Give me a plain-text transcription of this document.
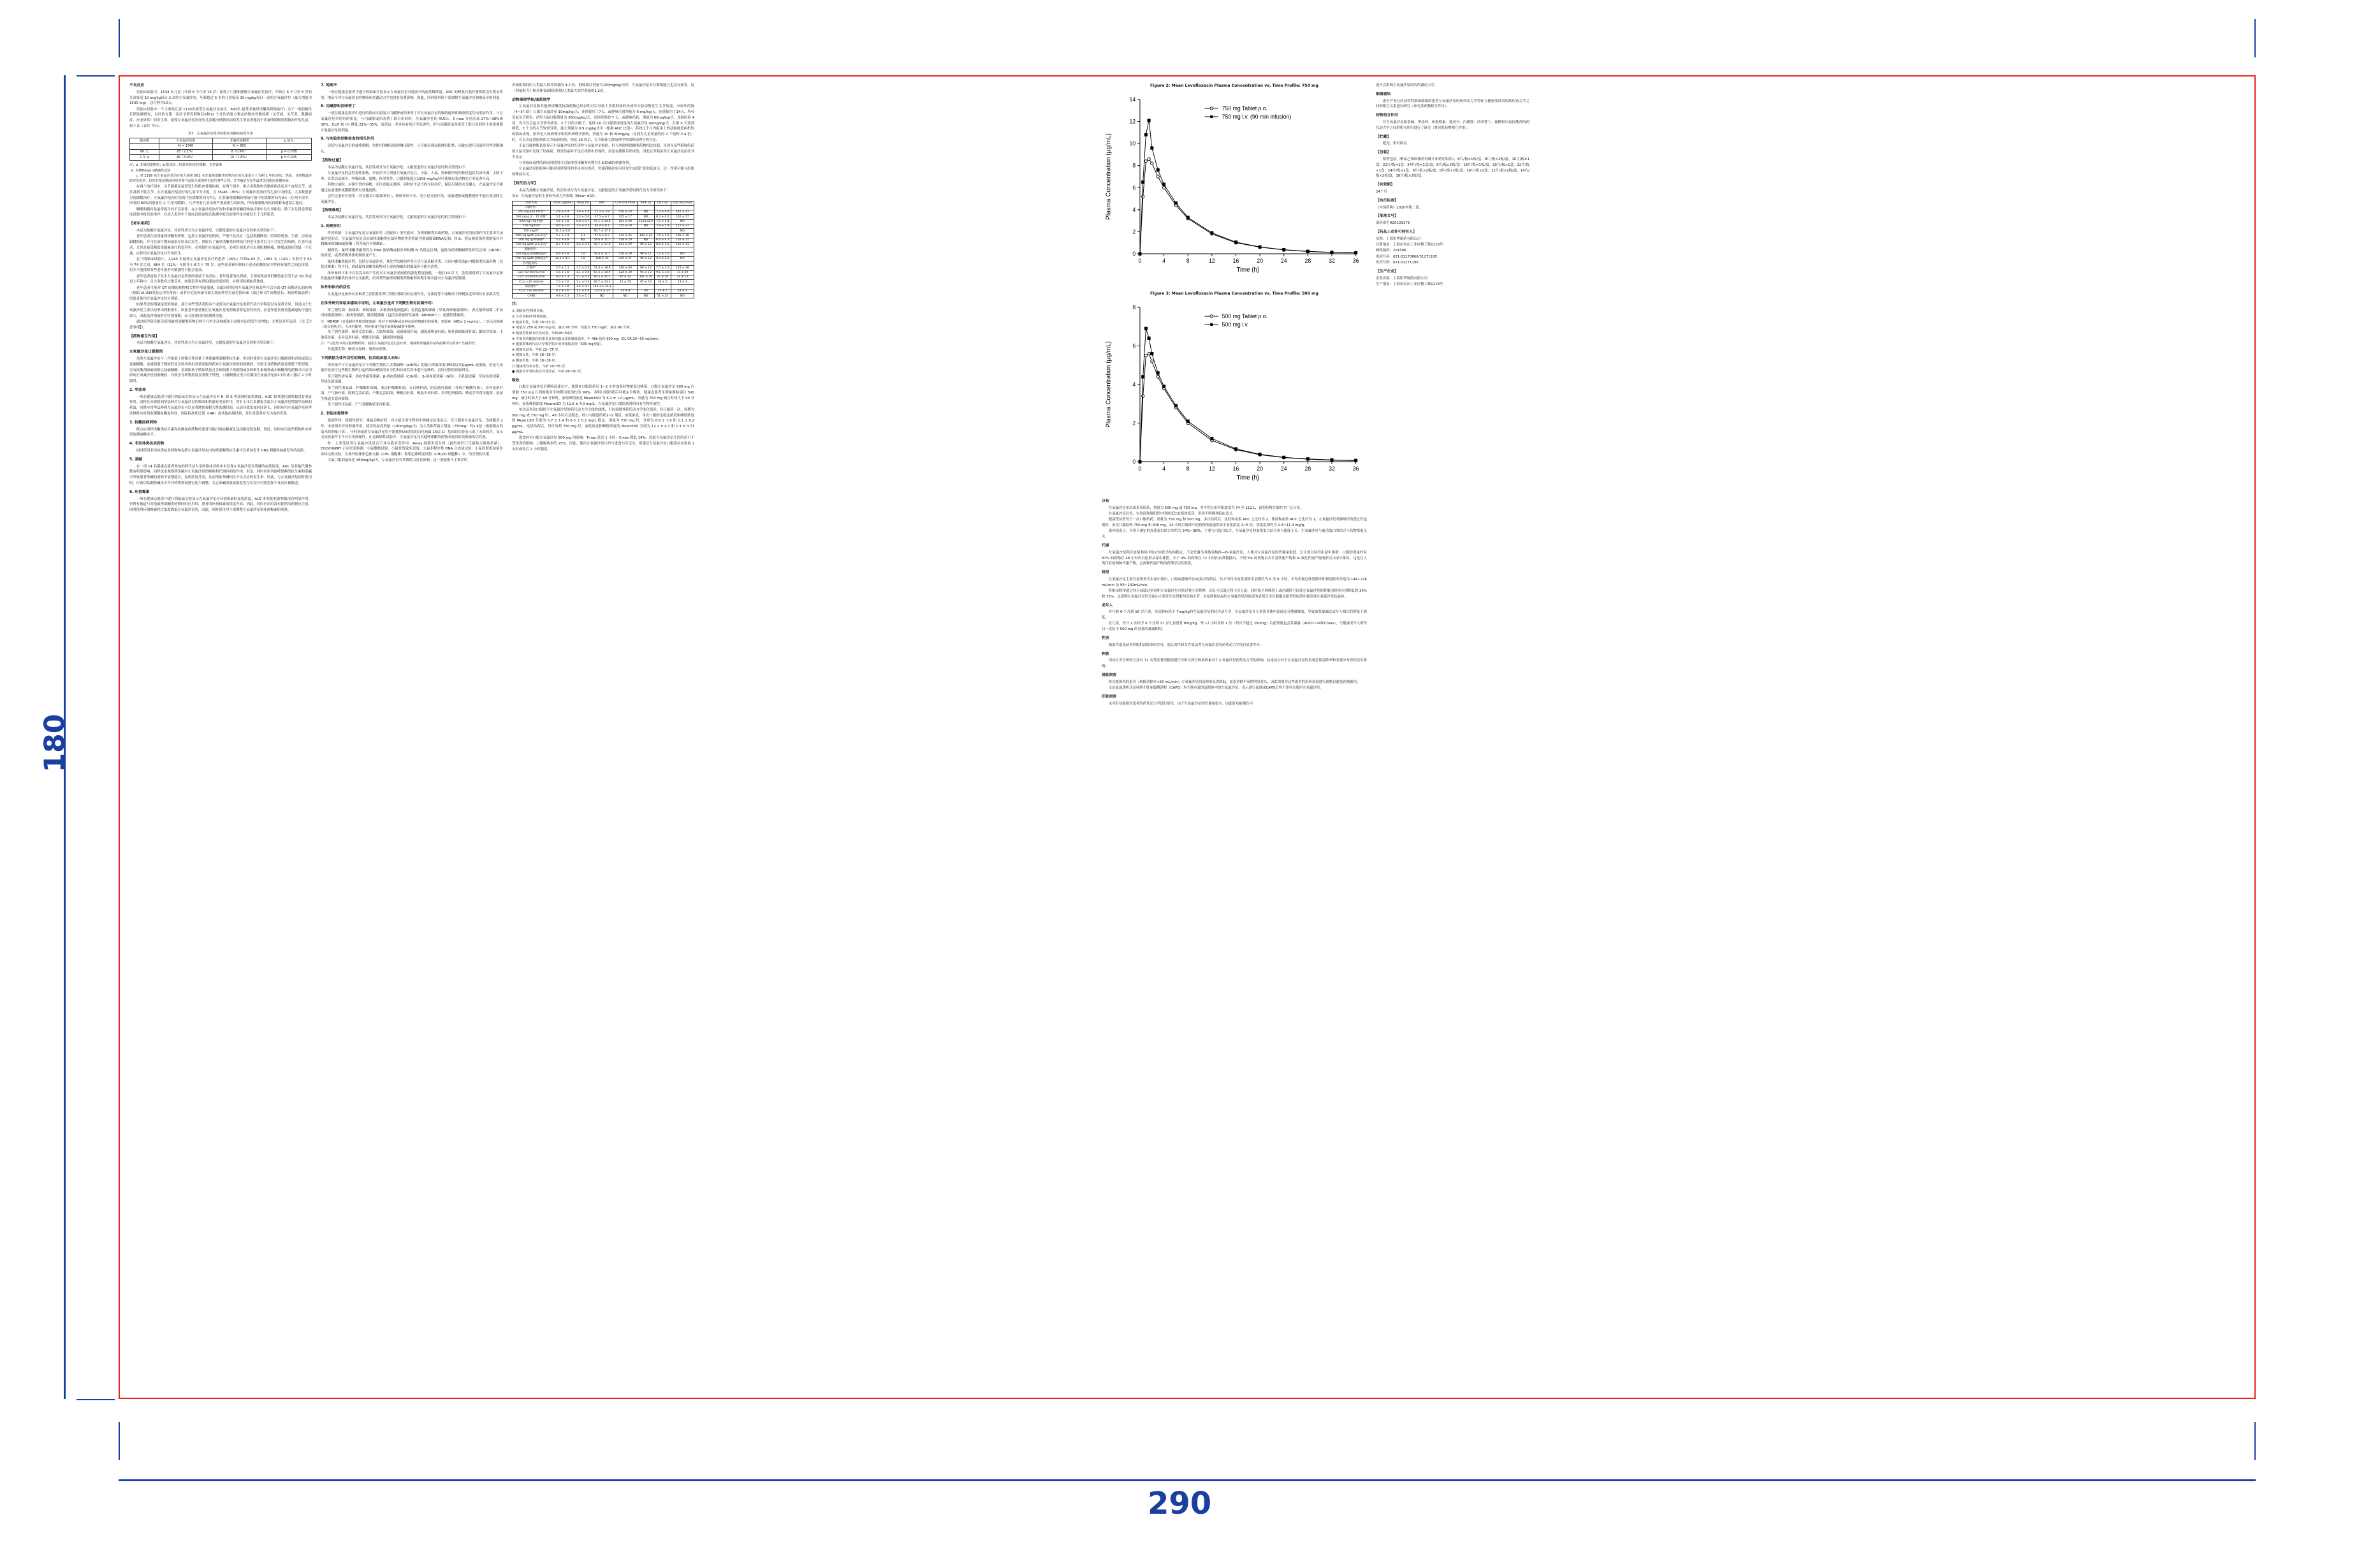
180
290
不良反应

在临床试验中，1534 名儿童（年龄 6 个月至 16 岁）接受了口服和静脉左氧氟沙星治疗，年龄在 6 个月至 5 岁的儿童接受 10 mg/kg每日 2 次的左氧氟沙星，年龄超过 5 岁的儿童接受 10 mg/kg每日一次的左氧氟沙星（最大剂量为1500 mg），总疗程为10天。

肖临床试验中一个主要的儿童 1130名接受左氧氟沙星治疗，893名 接受非氟喹诺酮类药物治疗）为了一项前瞻性长期监测研究，以评估在第一次给予研究药物后6和12 个月的试验方案定的肌肉骨骼疾病（关节痛、关节炎、肌腱病症、步态异常）的发生率。接受左氧氟沙星治疗的儿童肌肉骨骼疾病的发生率显著地高于非氟喹诺酮类药物治疗的儿童，如下表（表7）所示。

表7：左氧氟沙星组中的肌肉骨骼疾病发生率
随访期	左氧氟沙星组	非氟喹诺酮类	p 值 b
	N = 1340	N = 893	
60 天	28（2.1%）	8（0.9%）	p = 0.038
1 年 a	46（3.4%）	16（1.8%）	p = 0.025

注：a. 非累积逐期第；b.指非经、阿莫西林/克拉维酸、克拉霉素

b. 双侧Fisher's精确性试验

c. 对 1199 名左氧氟沙星治疗的儿童和 801 名非氟喹诺酮类药物治疗的儿童进行了为期 1 年的评估。然而，该药物最终研究发现率，回归在指定期间内所有参与试验儿童的所有报告事件计算。关节痛是在发生最常见的肌肉骨骼疾病。

在两个治疗组中，关节痛都是最常发生的肌肉骨骼疾病。在两个组中，绝大多数肌肉骨骼疾病涉及多个或是关节，或涉及到下肢关节。在左氧氟沙星治疗的儿童中为中度，在 35/46（76%）左氧氟沙星治疗的儿童中为轻度，大多数患者呈现缓解治疗。左氧氟沙星治疗组的中位缓解时间为7天，在非氟喹诺酮药物治疗组中位缓解时间为9天（在两个组中，四者的 80%的患者在 2 个月内缓解）。几乎所有儿童出现严重或重大的疾病，所有骨骼肌肉疾病缓解未遗留后遗症。

咽喉和腹泻是最常报告的不良事件。在左氧氟沙星治疗的和非氟喹诺酮药物治疗组中发生率相似。除了在儿科患者临床试验中报告的事件，在成人患者中于临床试验或售后监测中报告的事件也可能发生于儿科患者。

【老年用药】

本品为盐酸左氧氟沙星，其活性成分为左氧氟沙星，文献报道的左氧氟沙星的相关情况如下：

老年患者在接受氟喹诺酮类药物，包括左氧氟沙星期间，严重不良反应（包括肌腱断裂）的风险增加。手臂、肩部或跟腱损伤，并可在治疗期间或治疗结束后发生。曾报告了氟喹诺酮类药物治疗的老年患者后几个月发生的病例。在老年患者，尤其是接受糖皮质激素治疗的患者中，必须慎用左氧氟沙星。必须告知患者在出现肌腱疼痛、肿胀或炎症的第一个征兆，应停用左氧氟沙星并告知医生。

在三期临床试验中，1,945 名接受左氧氟沙星治疗的患者（26%）年龄≥ 65 岁，1081 名（14%）年龄介于 65 至 74 岁之间，864 名（12%）年龄等于或大于 75 岁。这些患者和年龄较小患者药物的安全性和有效性之间总体的，但并不能排除某些老年患者对敏感性可能会更高。

老年患者更易于发生左氧氟沙星所致的重症不良反应，老年患者的抗肾病、主要的致血性肝酶性报告发生在 65 岁或更大年龄中，且大多数有过敏反应。如果患者有肾功能的重度损伤，应密切监测血药浓度。

老年患者可能对 QT 间期的药物相关性作用更敏感，因此同时使用左氧氟沙星和某些可以导致 QT 间期延长的药物（例如 IA 或III类抗心律失常药）或者有危险因素导致尖端扭转型室速危险因素（如已知 QT 间期延长、病因性低血钾）的患者使用左氧氟沙星时应谨慎。

如果考虑的剂量接近的剂量。部分有些受试者的多个或因为左氧氟沙星的药代动力学特征没有显著差异，但是由于左氧氟沙星主要以原形由肾脏排出，因此老年患者使用左氧氟沙星的药物消除危险性较高，应老年患者肾功能减退的可能性较大，因此选择剂量时应特别谨慎，而且需要同时监测肾功能。

通过病学研究报告使用氟喹诺酮类药物后两个月内主动脉瘤和主动脉夹层的发生率增加，尤其是老年患者。（见【注意事项】）。

【药物相互作用】

本品为盐酸左氧氟沙星，其活性成分为左氧氟沙星，文献报道的左氧氟沙星的相关情况如下。

左氧氟沙星口服制剂

虽然左氧氟沙星与（含和离子的微合作剂量子其他氟喹诺酮类抗生素，但同时使用左氧氟沙星口服制剂和含镁或铝以及硫糖酸、金属阳离子例如铁及含的多价抗剂者同服用药对左氧氟沙星的的肠吸收，导致全身药物浓度显著低于期望值。含有抗酸剂如硫或铝以及硫糖酸、金属阳离子例如铁及含多价阳离子的制剂或多种维生素制剂或去枸橼剂的药物可以应用影响左氧氟沙星的肠吸收，导致全身药物浓度显著低于期望。口服制剂应至少在服用左氧氟沙星前2小时或口服后 2 小时服用。

2. 华法林

一项在健康志愿者中进行的临床实验显示左氧氟沙星对 R- 和 S-华法林的血浆浓度、AUC 和其他代谢参数没有明显作用。同样在未观察到华法林对左氧氟沙星的吸收和代谢有明显作用。曾有上市后监测报告报告左氧氟沙星增强华法林的药效，同时应用华法林和左氧氟沙星可以显著地加强相关性监测时间，从而导致出血时间延长。同时应用左氧氟沙星和华法林时应密切监测凝血酶原时间、国际标准化比值（INR）或其他抗凝试验，并注意患者有无出血的表现。

3. 抗糖尿病药物

联合应用喹诺酮类抗生素和抗糖尿病药物的患者可能出现血糖紊乱包括糖尿低血糖，因此，同时应用这些药物时应密切监测血糖水平。

4. 非甾体类抗炎药物

同时使用非甾体类抗炎药物和包括左氧氟沙星在内的喹诺酮类抗生素可以增加发生 CNS 刺激和抽搐发作的危险。

5. 茶碱

在一项 14 名健康志愿者参加的药代动力学的临床试验中未发现左氧氟沙星对茶碱的血浆浓度、AUC 及其他代谢参数有明显影响。同样也未观察到茶碱对左氧氟沙星的吸收和代谢有明显作用。但是，同时应用其他喹诺酮类抗生素和茶碱可导致患者茶碱的消除半衰期延长，血药浓度升高，从而增加茶碱相关不良反应的发生率。因此，与左氧氟沙星同时使用时，应密切监测茶碱水平并对药物剂量进行适当调整。关志茶碱的血液浓度也存在没有可能也接不良反应被报道。

6. 环孢霉素

一项在健康志愿者中进行的临床实验显示左氧氟沙星对环孢霉素的血浆浓度、AUC 和其他代谢参数没有明显作用。但曾有报道与其他氟喹诺酮类药物同时应用时，患者的环孢霉素的浓度升高。因此，同时应用时没有提供的药物应注意，同时使用环孢霉素时过度度降低左氧氟沙星的，因此。同时使用对不需调整左氧氟沙星和环孢霉素的剂量。

7. 地高辛

一项在健康志愿者中进行的临床实验显示左氧氟沙星对地高辛的血浆峰浓度、AUC 的峰及其他代谢参数没有明显作用。地高辛对左氧氟沙星的吸收和代谢动力学也没有显著影响。因此，同时使用时不需调整左氧氟沙星和地高辛的剂量。

8. 丙磺舒和西咪替丁

一项在健康志愿者中进行的临床实验显示丙磺舒或西米替丁对左氧氟沙星的吸收速率和吸收程度均无明显作用，与左氧氟沙星单用时的相比，与丙磺舒或西米替丁联合用药时，左氧氟沙星的 AUC∞、C max 分别升高 27%~38%和 30%、CL/F 和 t½ 降低 21%~35%，虽然这一差异具有统计学显著性，但与同磺舒或西米替丁联合用药时不需要调整左氧氟沙星的剂量。

9. 与实验室诊断检查的相互作用

包括左氧氟沙星的氟喹诺酮，均作用的糖尿病检测出阳性，且可能出现尿检测出阳性，因此应进行尿液特异性诊断确认。

【药物过量】

本品为盐酸左氧氟沙星，其活性成分为左氧氟沙星，文献报道的左氧氟沙星的相关情况如下：

左氧氟沙星的急性毒性很低。单次给予大剂量左氧氟沙星后，小鼠、大鼠、狗和猴所见的体征包括共济失调、上睑下垂、自发活动减少、呼吸困难、震颤、阵挛发作。口服剂量超过1500 mg/kg时可使啮齿类动物死亡率显著升高。

药物过量时，应排空胃内容物，并注意临床观察，同时给予适当的支持治疗，保证足量的水分摄入，左氧氟沙星不能通过血液透析或腹膜透析有效地清除。

急性过量时应慎用（仅在服用口服制剂时），观察开给予水、电小是支持疗法，血液透析或腹膜透析不能有效清除左氧氟沙星。

【药理毒理】

本品为盐酸左氧氟沙星，其活性成分为左氧氟沙星，文献报道的左氧氟沙星的相关情况如下：

1. 药理作用

作用机制：左氧氟沙星是左氧氟沙星（消旋体）的左旋体，为喹诺酮类抗菌药物，左氧氟沙星的抗菌作用主要由左氧氟沙星形式。左氧氟沙星是以抗菌喹诺酮类抗菌药物的作用机制为抑制细菌DNA复制、转录、修复和重组所需的拓扑异构酶IV和DNA旋转酶（均为拓扑异构酶II）。

耐药性：氟喹诺酮类耐药性在 DNA 旋转酶或拓扑异构酶 IV 的特定区域，也称为喹诺酮耐药性相关区域（QRDR）的突变，或者药物外排机制改变产生。

氟喹诺酮类耐药性，包括左氧氟沙星，其化学结构和作用方式与氨基糖苷类、大环内酯类及β-内酰胺类抗菌药物（包括青霉素）均不同，因此氟喹诺酮类药物对上述药物耐药的细菌仍可能有活性。

体外参和下由于自发发异而产生的对左氧氟沙星耐药的强化程度较低，一般在10 以下，虽然观察到了左氧氟沙星和其他氟喹诺酮类的体外交叉耐药，但对某些氟喹诺酮类药物耐药的微生物可能对左氧氟沙星敏感。

体外和体内的活性

左氧氟沙星体外对多种革兰氏阴性和革兰阳性细菌均有抗菌作用，在浓度等于或略高于抑制浓度时即具有杀菌活性。

在体外研究和临床感染中证明，左氧氟沙星对下列微生物有抗菌作用：

革兰阳性菌：肠球菌；粪肠球菌；多种黄体化细胞菌；金黄色葡萄球菌（甲氧西林敏感菌株）；表皮葡萄球菌（甲氧西林敏感菌株）；肺炎链球菌，肺炎链球菌（包括多重耐药性菌株（MDRSP*））、化脓性链球菌。

注：MDRSP（多重耐药性肺炎链球菌）指对下列两种或多种抗菌药物耐药的菌株：青霉素（MIC≥ 2 mg/mL）、二代头孢菌素（如头孢呋辛）、大环内酯类、四环素及甲氧苄氨嘧啶/磺胺甲噁唑。

革兰阴性菌群：肺炎克雷伯菌；大肠埃希菌；流感嗜血杆菌；副流感嗜血杆菌；肠杆菌属肺炎杆菌；黏质沙雷菌；卡他莫拉菌；奇异变形杆菌；嗜肺军团菌、铜绿假单胞菌。

注：*与此类中的其他药物相同，使用左氧氟沙星进行治疗时，铜绿假单胞菌的某些菌株可以很快产生耐药性。

其他微生物：肺炎支原体、肺炎衣原体。

下列数据为体外活性的资料，但其临床意义未知：

体外条件下左氧氟沙星对下列微生物的大多数菌株（≥90%）的最小抑菌浓度(MIC值)为2μg/mL 或更低，但是左氧氟沙星治疗这些微生物所引起的临床感染的安全性和有效性尚未进行足够的、良好对照的试验研究。

革兰阳性需氧菌：溶血性葡萄球菌，β-溶血链球菌（C/G组）、β-溶血链球菌（G组）、无乳链球菌、草绿色链球菌、草绿色链球菌。

革兰阴性需氧菌：柠檬酸杆菌属，弗氏柠檬酸杆菌，百日咳杆菌，阴沟肠杆菌属（非固产酸酸杆菌），奇异变形杆菌，产气肠杆菌，阪崎克雷伯菌，产酸克雷伯菌，摩根氏杆菌，鲍曼不动杆菌、多杀巴斯德菌、嗜麦芽窄食单胞菌、泌尿生殖道支原体菌株。

革兰阳性厌氧菌：产气荚膜梭状芽孢杆菌。

2. 非临床毒理学

致癌作用：致癌性研究：雏鼠动物给药：对大鼠生命全程的生物测定结果显示，每日服用左氧氟沙星，连续服用 2 年，未表现出任何肿瘤作用，使用的最高剂量（100mg/kg/天）为人类推荐最大剂量（750mg）的1.4倍（根据相应的毫米的剂量计算）。任何剂量的左氧氟沙星均不能被照UV诱发的白化病鼠 15层-1）基因的实验显示出了无菌病并，显示无试验条件下不具有光致癌性。在光致癌性试验中，左氧氟沙星比其他喹诺酮类药物表现出的光致癌的活性低。

时：人类受试者左氧氟沙星是否不具有致突变作用。Ames 细菌突变分析（鼠伤寒杆门氏菌和大肠埃希菌）、CHO/HGPRT 正向突变检测、小鼠微核试验、小鼠优势致死试验、大鼠非程序性 DNA 合成或试验、小鼠肝脏姐妹染色单体交换试验。在体外姐妹染色体交换（CHL 细胞株）和染色体畸变试验（CHL/IU 细胞株）中，均呈阳性结果。

大鼠口服剂量高达 360mg/kg/天，左氧氟沙星对其繁殖力没有影响。这一剂量相当于推荐时

表面积相同时人类最大推荐剂量的 4.2 倍。静脉推注剂量为100mg/kg/天时，左氧氟沙星对其繁殖能力也没有损害。这一剂量相当于相对体表面积同时的人类最大推荐剂量的1.2倍。

动物毒理学和/或药效学

左氧氟沙星和其他喹诺酮类抗菌药物已经表明可以导致大多数种属的未成年实验动物发生关节病变。未成年的狗（4~5月龄）口服左氧氟沙星 10mg/kg/天，连续使用了7天，或静脉注射剂量为 6 mg/kg/天，连续使用了14天，均可引起关节损害。幼年大鼠口服剂量为 300mg/kg/天，连续使用的 7 天，或静脉给药，剂量为 60mg/kg/天，连续给药 4 周，均可以引起关节软骨病变。3 个月的小猴子，连续 18 天口服常规用量的左氧氟沙星 40mg/kg/天，在第 X 天达到峰值，3 个月的关节软骨异常，最大剂量为 0.9 mg/kg水平（根据 AUC 比值）。药效几个月内临床上的动脉瘤患病机的的临床表现。但因无大体病理学和组织病理学损伤，剂量为 10 和 80mg/kg（分别为儿童用量的的 2 个倍和 2.4 倍）时，可以引起肾损伤和关节软骨损伤。恢复 18 周后，关节软骨大体病理学和组织病理学仍存在。

小鼠耳廓肿胀试验显示左氧氟沙星的光毒性与氧氟沙星相似，但与其他喹诺酮类药物相比较弱。虽然在某些静脉给药的大鼠试验中发现了结晶尿，但是结晶并不是在排泄中形成的，而是在排泄后形成的。因此在非临床毒左氧氟沙星治疗并不显示。

与非临床毒性的药同时使用可以加重喹诺酮类药物对小鼠CNS的刺激作用。

左氧氟沙星的影响可能对同时使用的非甾体抗炎药，快速静脉注射可以发生血管扩张和低血压，这一作用可能与组胺的释放有关。

【药代动力学】

本品为盐酸左氧氟沙星，其活性成分为左氧氟沙星，文献报道的左氧氟沙星的药代动力学情况如下：

表X：左氧氟沙星的主要药代动力学参数（Mean ±SD）

给药方案	Cmax (μg/mL)	Tmax (h)	AUC	CL/F (mL/min)	Vd/F (L)	t1/2 (h)	CLR (mL/min)
口服给药：							
250 mg q24 h单剂*	2.8 ± 0.4	1.6 ± 1.0	27.2 ± 3.9	156 ± 20	ND	7.3 ± 0.9	142 ± 21
500 mg q.d.，72 剂量*	5.1 ± 0.8	1.3 ± 0.6	47.5 ± 6.7	145 ± 17	ND	6.3 ± 0.6	132 ± 17
500 mg 口服剂量*	5.6 ± 1.8	0.8 ± 0.7	47.1 ± 10.8	183 ± 40	112±32.0	7.0 ± 1.4	NO
750 mg单剂*	8.6 ± 1.0	1.5 ± 0.5	82.4 ± 8.1	175 ± 20	ND	7.9 ± 1.9	117 ± 27
750 mg/次*	11.5 ± 4.0		90.7 ± 17.6				NO
500 mg q24h p.o.稳态*	5.7 ± 1.4	1.1	47.5 ± 6.7	175 ± 25	102 ± 22	7.6 ± 1.6	106 ± 30
500 mg q24h静脉*	5.7 ± 0.8	ND	54.6 ± 11.1	158 ± 29	ND	6.4 ± 0.7	116 ± 31
750 mg q24h p.o.稳态*	8.7 ± 4.0	1.4 ± 0.5	90.7 ± 17.6	143 ± 29	89 ± 13	8.8 ± 1.5	116 ± 31
静脉给药：							
500 mg q24h静脉稳态*	6.4 ± 0.8	1.0	54.6 ± 11.1	158 ± 29	98 ± 11	7.2 ± 1.0	NO
750 mg q24h 静脉稳态*	12.1 ± 4.1	1.0	108 ± 34	129 ± 37	96 ± 13	9.3 ± 2.0	NO
肾功能损伤：							
正常肾*	5.5 ± 1.1	1.2 ± 0.4	54.4 ± 18.9	146 ± 40	89 ± 13	7.5 ± 2.2	116 ± 28
CLcr 50–80 mL/min	5.5 ± 1.0	1.1 ± 0.4	67.3 ± 14.9	124 ± 30	94 ± 13	9.1 ± 3.0	73 ± 20
CLcr 20–49 mL/min	6.0 ± 1.3	1.1 ± 0.4	85.3 ± 21.2	87 ± 12	101 ± 20	27 ± 10	31 ± 13
CLcr <20 mL/min	7.0 ± 1.6	1.1 ± 0.4	94.7 ± 23.3	42 ± 15	95 ± 16	35 ± 5	13 ± 3
血液透析*	7.5 ± 1.8	1.5 ± 0.7	143.1 ± 24.1				
CLcr <20 mL/min	8.2 ± 1.6	1.1 ± 1.0	123.2 ± 33	33 ± 8	30	25 ± 5	13 ± 3
CAPD	6.9 ± 2.3	1.4 ± 1.1	ND	ND	ND	51 ± 24	NO
注：

① 清除率/生物利用度。

② 分布容积/生物利用度。

③ 健康男性，年龄 18~53 岁。

④ 剂量为 250 或 500 mg 时，滴注 60 分钟，剂量为 750 mg时，滴注 90 分钟。

⑤ 健康男性和女性受试者，年龄18~54岁。

⑥ 中度肾功能损伤的患者及肾功能或皮肤感染患者，中 48h 给药 500 mg（CL CR 20~50 mL/min）。

⑦ 根据群体药代动力学模型估计的初始稳态值（500 mg剂量）。

⑧ 健康受试者，年龄 22~75 岁。

⑨ 健康女性，年龄 18~36 岁。

⑩ 健康男性，年龄 18~36 岁。

⑪ 健康男性和女性，年龄 19~55 岁。

● 健康青年男性和女性受试者，年龄 66~80 岁。

吸收

口服左氧氟沙星后吸收迅速完全，通常在口服给药后 1~2 小时血浆药物浓度达峰值，口服左氧氟沙星 500 mg 片剂和 750 mg 片剂的绝对生物利用度均约为 99%，表明口服给药后可被完全吸收。健康志愿者单剂量静脉滴注 500 mg，滴注时间大于 60 分钟时，血浆峰值浓度 Mean±SD 为 6.2 ± 1.0 μg/mL，剂量为 750 mg 滴注时间大于 90 分钟时，血浆峰值浓度 Mean±SD 为 11.5 ± 4.0 mg/L。左氧氟沙星口服给药时的具有生物等效性。

单次及多次口服给予左氧氟沙星的药代动力学呈线性曲线，可以预测其药代动力学变化情况。每日服药一次，预期为 500 mg 或 750 mg 时，48 小时后达稳态，经口与肠道给药1~2 剂后，血浆浓度。单次口服的达稳态浓度和峰值浓度的 Mean±SD 分别为 5.7 ± 1.4 和 6.5 ± 0.2 mg/L 稳定，剂量为 750 mg 时，分别为 8.6 ± 1.9 和 1.1 ± 0.2 μg/mL。连续给药后，每日给药 750 mg 时，血浆浓度和峰值浓度的 Mean±SD 分别为 12.1 ± 4.1 和 1.3 ± 0.71 μg/mL。

进食时对口服左氧氟沙星 500 mg 的影响：Tmax 延迟 1 小时，Cmax 降低 14%，因此左氧氟沙星片的给药可不受饮食的影响。口服吸收率约 25%。因此，服用左氧氟沙星片时与进食与否无关，但建议左氧氟沙星口服液应在饭前 1 小时或饭后 2 小时服用。

Figure 2: Mean Levofloxacin Plasma Concentration vs. Time Profile: 750 mg
0	4	8	12	16	20	24	28	32	36
0
2
4
6
8
10
12
14
Time (h)
Plasma Concentration (μg/mL)
750 mg Tablet p.o.
750 mg i.v. (90 min infusion)
Figure 3: Mean Levofloxacin Plasma Concentration vs. Time Profile: 500 mg
0	4	8	12	16	20	24	28	32	36
0
2
4
6
8
Time (h)
Plasma Concentration (μg/mL)
500 mg Tablet p.o.
500 mg i.v.
分布

左氧氟沙星单次或多次给药，剂量为 500 mg 或 750 mg，其平均分布容积通常为 74 至 112 L，说明药物在组织中广泛分布。

左氧氟沙星在骨、水泡液和肺组织中的浓度比血浆浓度高，但尚不明确其临床意义。

健康受试者每日一次口服给药，剂量为 750 mg 和 500 mg，多次给药后，皮肤和血浆 AUC 之比约为 2，体液和血浆 AUC 之比约为 1，左氧氟沙星对肺组织的透过性也很好，单次口服给药 750 mg 和 500 mg，24 小时后肺部中的药物浓度通常高于血浆浓度 2~5 倍，浓度范围约为 2.4~11.3 mg/g。

离体情况下，对用于测定的血浆蛋白结合率约为 24%~38%，主要与白蛋白结合，左氧氟沙星的血浆蛋白结合率与浓度无关。左氧氟沙星与血清蛋白的结合与药物浓度无关。

代谢

左氧氟沙星很在血浆和尿中的立体化学结构稳定，不会代谢为其他异构体—D-氧氟沙星。人体对左氧氟沙星的代谢量很低，它主要以原形由尿中排泄。口服的剂量约有 87% 的药物在 48 小时内以原形从尿中排泄，少于 4% 的药物在 72 小时内由粪便排出。不到 5% 的药物以去甲基代谢产物和 N-氧化代谢产物的形式由尿中排出，这是在人类仅有的两种代谢产物，它两种代谢产物的药理学活性很低。

排泄

左氧氟沙星主要以原形形式由尿中排出，口服或静脉单次或多次给药后，其平均终末血浆消除半衰期约为 6 至 8 小时，平均表观总体清除率和肾清除率分别为 144~226 mL/min 及 96~142mL/min。

肾脏清除率超过肾小球滤过率说明左氧氟沙星可经过肾小管排泄，而且可以通过肾小管分泌。同时给予西咪替丁或丙磺舒可以使左氧氟沙星的肾脏清除率分别降低的 24% 和 35%，这说明左氧氟沙星的分泌由主要发生在肾脏的近曲小管。在尿液和结晶的左氧氟沙星的浓度的表现呈未在健康志愿者的尿液中被发现左氧氟沙星结晶体。

老年人

对年龄 6 个月到 16 岁儿童，单次静脉给予 7mg/kg的左氧氟沙星的药代动力学，左氧氟沙星在儿童患者体内迅速充分地被吸收，导致血浆暴露比成年人相比的剂量下降低。

在儿童，每日 1 次给予 6 个月到 17 岁儿童患者 8mg/kg、每 12 小时用药 1 次（每次不超过 250mg）后此剂量也会浆暴露（AUC0~24和Cmax），与健康成年人群每日一次给予 500 mg 的剂量的暴露相似。

性别

如果考虑受试者的肌酐清除率的差异，那么男性和女性受试者左氧氟沙星的药代动力学没有显著差异。

种族

用协方差分析的方法对 72 名受试者的数据进行分析以探讨种族因素对于左氧氟沙星药代动力学的影响，结果显示对于左氧氟沙星的表观总体清除率和表观分布容积没有影响。

肾脏损害

肾功能损伤的患者（肌酐清除率<50 mL/min）左氧氟沙星的清除率显著降低，血浆消除半衰期明显延长，因此需要对这些患者的用药剂量进行调整以避免药物蓄积。

无论血液透析还是持续不卧床腹膜透析（CAPD）均不能有效的清除体内的左氧氟沙星，表示进行血透或CAPD后均不需补充服用左氧氟沙星。

肝脏损害

未对肝功能损伤患者的药代动力学进行研究。由于左氧氟沙星的代谢量很少，因此肝功能损伤可

能不会影响左氧氟沙星的的代谢动力学。

细菌感染

患有严重社区获得性细菌感染的患者左氧氟沙星的药代动力学特征与健康受试者的药代动力学之间的相互关系进行研究（参见系药物相互作用）。

药物相互作用

对左氧氟沙星和茶碱、华法林、环孢霉素、地高辛、丙磺舒、西米替丁、硫糖铝以及抗酸剂的药代动力学之间的相互作用进行了研究（参见系药物相互作用）。

【贮藏】

遮光，密封保存。

【包装】

铝塑包装（聚氯乙烯固体药用硬片和药用铝箔），6片/板×1板/盒、8片/板×1板/盒、10片/板×1盒、22片/板×1盒；24片/板×1盒/盒，6片/板×2板/盒；18片/板×1板/盒，20片/板×1盒、22片/板×1盒；24片/板×1盒，6片/板×2板/盒；8片/板×2板/盒；10片/板×2盒、12片/板×2板/盒、14片/板×2板/盒，18片/板×2板/盒。

【有效期】

24个月

【执行标准】

《中国药典》2020年版二部。

【批准文号】

国药准字H20133179

【药品上市许可持有人】

名称：上海积华制药有限公司

注册地址：上海市金山工业区楼工路1118号

邮政编码：201506

电话号码：021-31270666/31271195

传真号码：021-31271190

【生产企业】

企业名称：上海积华制药有限公司

生产地址：上海市金山工业区楼工路1118号
